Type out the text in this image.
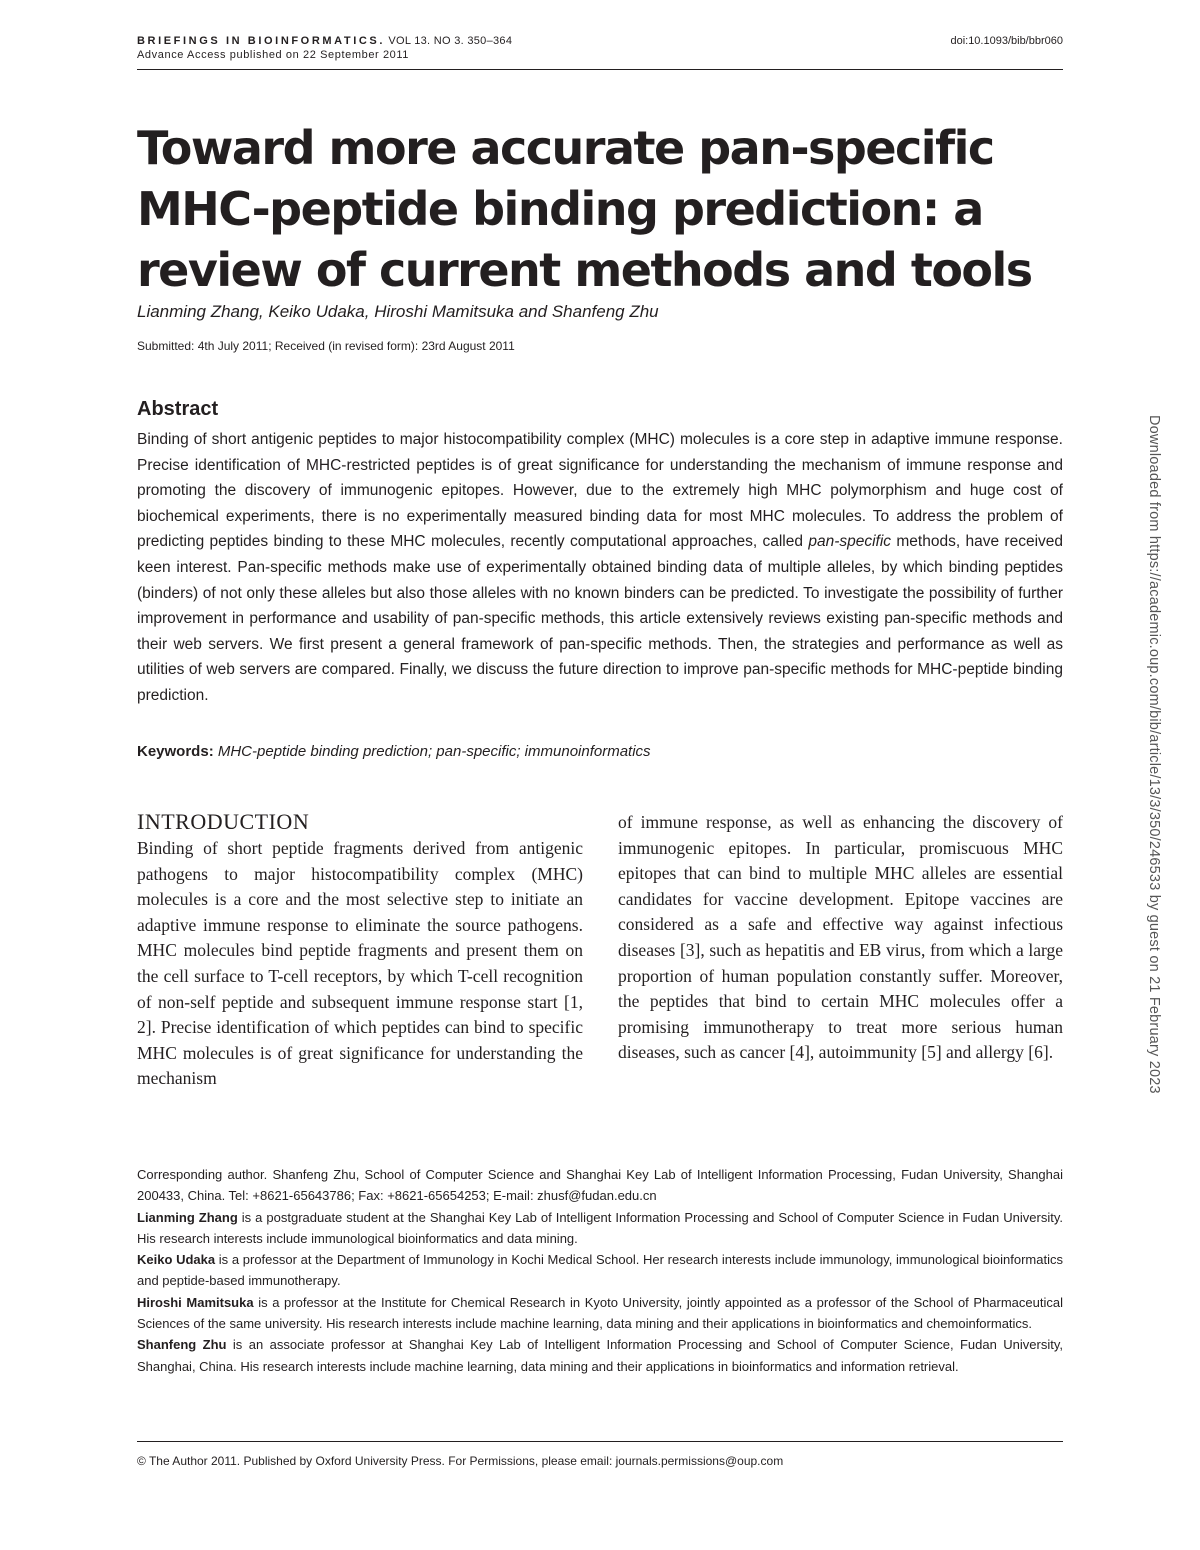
BRIEFINGS IN BIOINFORMATICS. VOL 13. NO 3. 350–364
Advance Access published on 22 September 2011
doi:10.1093/bib/bbr060
Toward more accurate pan-specific MHC-peptide binding prediction: a review of current methods and tools
Lianming Zhang, Keiko Udaka, Hiroshi Mamitsuka and Shanfeng Zhu
Submitted: 4th July 2011; Received (in revised form): 23rd August 2011
Abstract

Binding of short antigenic peptides to major histocompatibility complex (MHC) molecules is a core step in adaptive immune response. Precise identification of MHC-restricted peptides is of great significance for understanding the mechanism of immune response and promoting the discovery of immunogenic epitopes. However, due to the extremely high MHC polymorphism and huge cost of biochemical experiments, there is no experimentally measured binding data for most MHC molecules. To address the problem of predicting peptides binding to these MHC molecules, recently computational approaches, called pan-specific methods, have received keen interest. Pan-specific methods make use of experimentally obtained binding data of multiple alleles, by which binding peptides (binders) of not only these alleles but also those alleles with no known binders can be predicted. To investigate the possibility of further improvement in performance and usability of pan-specific methods, this article extensively reviews existing pan-specific methods and their web servers. We first present a general framework of pan-specific methods. Then, the strategies and performance as well as utilities of web servers are compared. Finally, we discuss the future direction to improve pan-specific methods for MHC-peptide binding prediction.

Keywords: MHC-peptide binding prediction; pan-specific; immunoinformatics
INTRODUCTION

Binding of short peptide fragments derived from antigenic pathogens to major histocompatibility complex (MHC) molecules is a core and the most selective step to initiate an adaptive immune response to eliminate the source pathogens. MHC molecules bind peptide fragments and present them on the cell surface to T-cell receptors, by which T-cell recognition of non-self peptide and subsequent immune response start [1, 2]. Precise identification of which peptides can bind to specific MHC molecules is of great significance for understanding the mechanism

of immune response, as well as enhancing the discovery of immunogenic epitopes. In particular, promiscuous MHC epitopes that can bind to multiple MHC alleles are essential candidates for vaccine development. Epitope vaccines are considered as a safe and effective way against infectious diseases [3], such as hepatitis and EB virus, from which a large proportion of human population constantly suffer. Moreover, the peptides that bind to certain MHC molecules offer a promising immunotherapy to treat more serious human diseases, such as cancer [4], autoimmunity [5] and allergy [6].

Corresponding author. Shanfeng Zhu, School of Computer Science and Shanghai Key Lab of Intelligent Information Processing, Fudan University, Shanghai 200433, China. Tel: +8621-65643786; Fax: +8621-65654253; E-mail: zhusf@fudan.edu.cn

Lianming Zhang is a postgraduate student at the Shanghai Key Lab of Intelligent Information Processing and School of Computer Science in Fudan University. His research interests include immunological bioinformatics and data mining.

Keiko Udaka is a professor at the Department of Immunology in Kochi Medical School. Her research interests include immunology, immunological bioinformatics and peptide-based immunotherapy.

Hiroshi Mamitsuka is a professor at the Institute for Chemical Research in Kyoto University, jointly appointed as a professor of the School of Pharmaceutical Sciences of the same university. His research interests include machine learning, data mining and their applications in bioinformatics and chemoinformatics.

Shanfeng Zhu is an associate professor at Shanghai Key Lab of Intelligent Information Processing and School of Computer Science, Fudan University, Shanghai, China. His research interests include machine learning, data mining and their applications in bioinformatics and information retrieval.

© The Author 2011. Published by Oxford University Press. For Permissions, please email: journals.permissions@oup.com
Downloaded from https://academic.oup.com/bib/article/13/3/350/246533 by guest on 21 February 2023
